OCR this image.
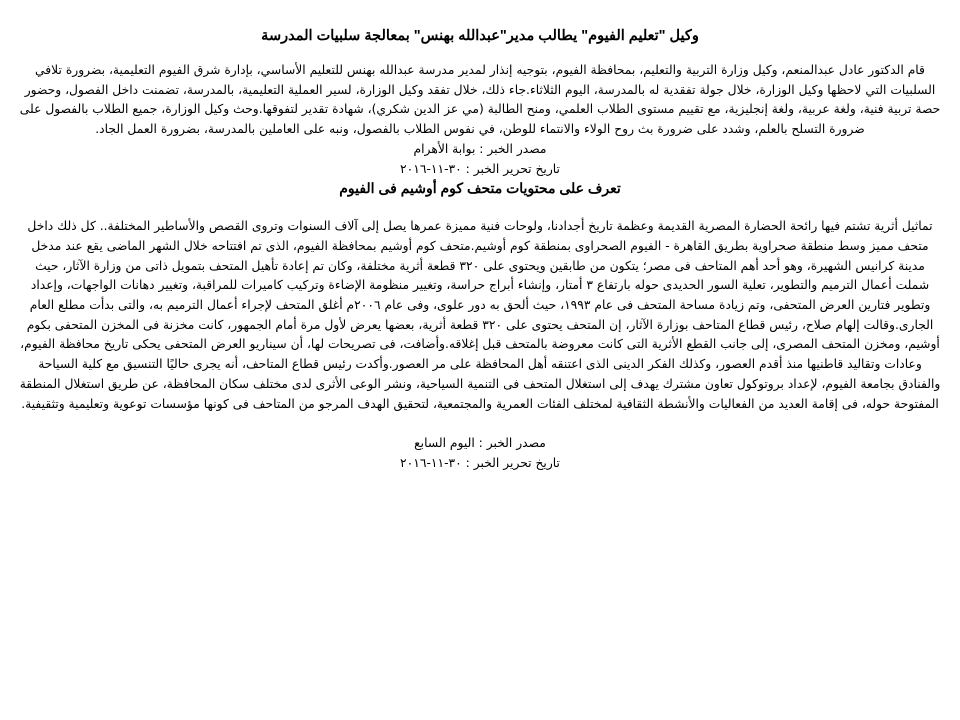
وكيل "تعليم الفيوم" يطالب مدير"عبدالله بهنس" بمعالجة سلبيات المدرسة

قام الدكتور عادل عبدالمنعم، وكيل وزارة التربية والتعليم، بمحافظة الفيوم، بتوجيه إنذار لمدير مدرسة عبدالله بهنس للتعليم الأساسي، بإدارة شرق الفيوم التعليمية، بضرورة تلافي السلبيات التي لاحظها وكيل الوزارة، خلال جولة تفقدية له بالمدرسة، اليوم الثلاثاء.جاء ذلك، خلال تفقد وكيل الوزارة، لسير العملية التعليمية، بالمدرسة، تضمنت داخل الفصول، وحضور حصة تربية فنية، ولغة عربية، ولغة إنجليزية، مع تقييم مستوى الطلاب العلمي، ومنح الطالبة (مي عز الدين شكري)، شهادة تقدير لتفوقها.وحث وكيل الوزارة، جميع الطلاب بالفصول على ضرورة التسلح بالعلم، وشدد على ضرورة بث روح الولاء والانتماء للوطن، في نفوس الطلاب بالفصول، ونبه على العاملين بالمدرسة، بضرورة العمل الجاد.

مصدر الخبر : بوابة الأهرام

تاريخ تحرير الخبر : ٣٠-١١-٢٠١٦

تعرف على محتويات متحف كوم أوشيم فى الفيوم

تماثيل أثرية تشتم فيها رائحة الحضارة المصرية القديمة وعظمة تاريخ أجدادنا، ولوحات فنية مميزة عمرها يصل إلى آلاف السنوات وتروى القصص والأساطير المختلفة.. كل ذلك داخل متحف مميز وسط منطقة صحراوية بطريق القاهرة - الفيوم الصحراوى بمنطقة كوم أوشيم.متحف كوم أوشيم بمحافظة الفيوم، الذى تم افتتاحه خلال الشهر الماضى يقع عند مدخل مدينة كرانيس الشهيرة، وهو أحد أهم المتاحف فى مصر؛ يتكون من طابقين ويحتوى على ٣٢٠ قطعة أثرية مختلفة، وكان تم إعادة تأهيل المتحف بتمويل ذاتى من وزارة الآثار، حيث شملت أعمال الترميم والتطوير، تعلية السور الحديدى حوله بارتفاع ٣ أمتار، وإنشاء أبراج حراسة، وتغيير منظومة الإضاءة وتركيب كاميرات للمراقبة، وتغيير دهانات الواجهات، وإعداد وتطوير فتارين العرض المتحفى، وتم زيادة مساحة المتحف فى عام ١٩٩٣، حيث ألحق به دور علوى، وفى عام ٢٠٠٦م أغلق المتحف لإجراء أعمال الترميم به، والتى بدأت مطلع العام الجارى.وقالت إلهام صلاح، رئيس قطاع المتاحف بوزارة الآثار، إن المتحف يحتوى على ٣٢٠ قطعة أثرية، بعضها يعرض لأول مرة أمام الجمهور، كانت مخزنة فى المخزن المتحفى بكوم أوشيم، ومخزن المتحف المصرى، إلى جانب القطع الأثرية التى كانت معروضة بالمتحف قبل إغلاقه.وأضافت، فى تصريحات لها، أن سيناريو العرض المتحفى يحكى تاريخ محافظة الفيوم، وعادات وتقاليد قاطنيها منذ أقدم العصور، وكذلك الفكر الدينى الذى اعتنقه أهل المحافظة على مر العصور.وأكدت رئيس قطاع المتاحف، أنه يجرى حاليًا التنسيق مع كلية السياحة والفنادق بجامعة الفيوم، لإعداد بروتوكول تعاون مشترك يهدف إلى استغلال المتحف فى التنمية السياحية، ونشر الوعى الأثرى لدى مختلف سكان المحافظة، عن طريق استغلال المنطقة المفتوحة حوله، فى إقامة العديد من الفعاليات والأنشطة الثقافية لمختلف الفئات العمرية والمجتمعية، لتحقيق الهدف المرجو من المتاحف فى كونها مؤسسات توعوية وتعليمية وتثقيفية.

مصدر الخبر : اليوم السابع

تاريخ تحرير الخبر : ٣٠-١١-٢٠١٦
